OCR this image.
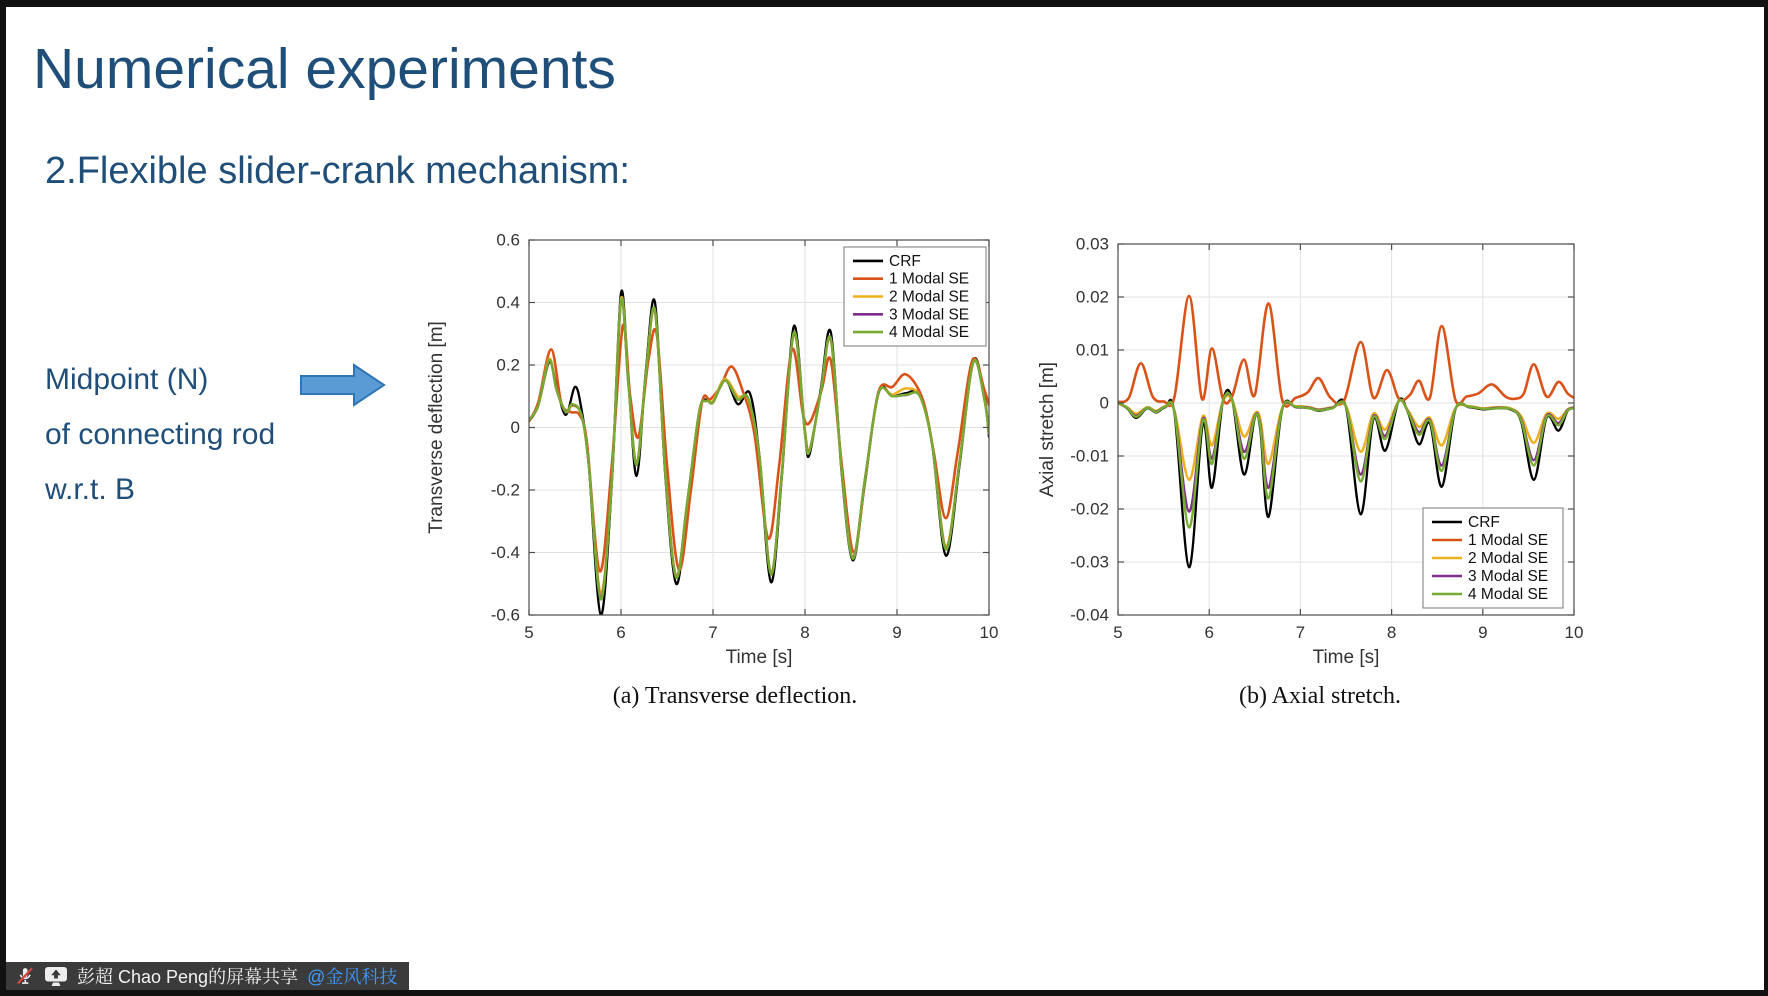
Numerical experiments
2.Flexible slider-crank mechanism:
Midpoint (N)
of connecting rod
w.r.t. B
5	6	7	8	9	10
-0.6
-0.4
-0.2
0
0.2
0.4
0.6
Time [s]
Transverse deflection [m]
CRF
1 Modal SE
2 Modal SE
3 Modal SE
4 Modal SE
5	6	7	8	9	10
-0.04
-0.03
-0.02
-0.01
0
0.01
0.02
0.03
Time [s]
Axial stretch [m]
CRF
1 Modal SE
2 Modal SE
3 Modal SE
4 Modal SE
(a) Transverse deflection.	(b) Axial stretch.
彭超 Chao Peng的屏幕共享 @金风科技
